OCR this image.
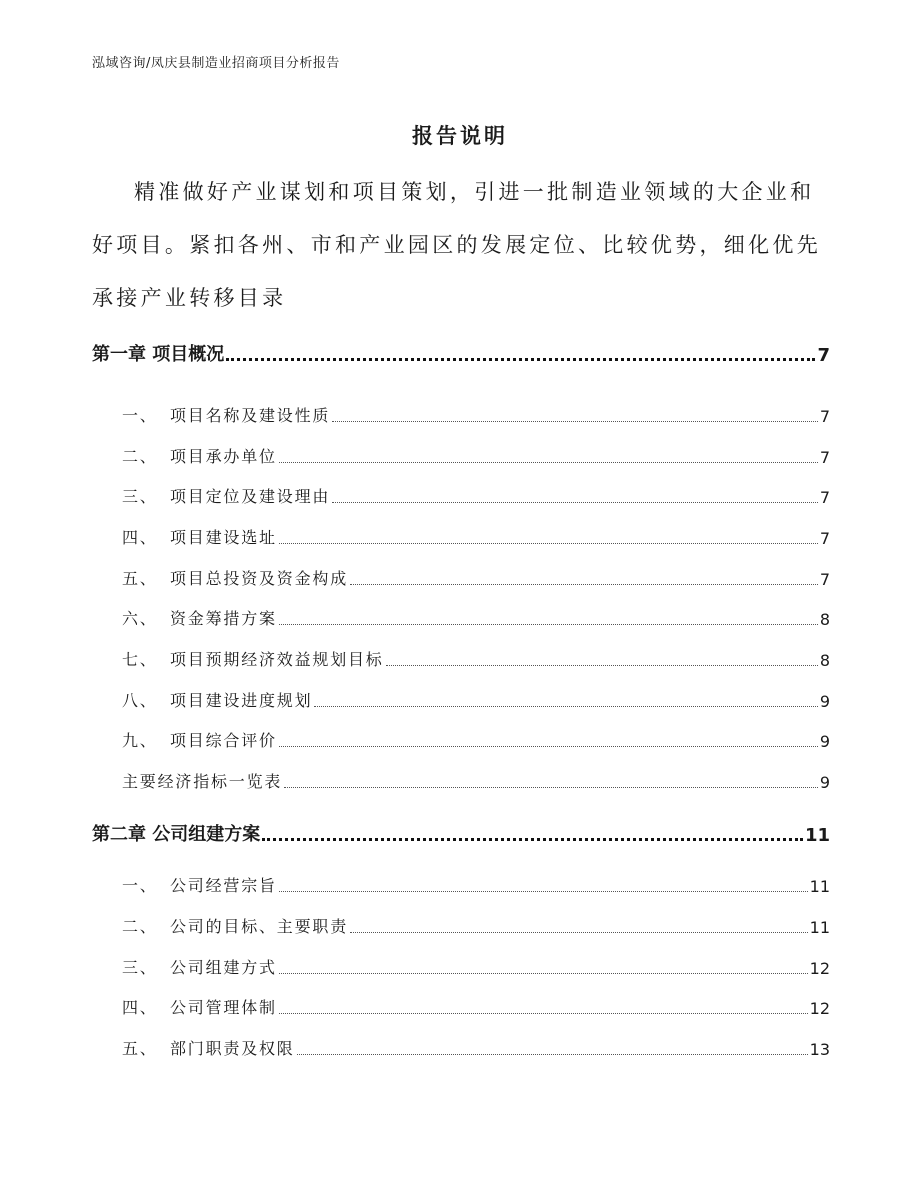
泓域咨询/凤庆县制造业招商项目分析报告
报告说明

精准做好产业谋划和项目策划，引进一批制造业领域的大企业和好项目。紧扣各州、市和产业园区的发展定位、比较优势，细化优先承接产业转移目录

第一章 项目概况	7
一、 项目名称及建设性质	7
二、 项目承办单位	7
三、 项目定位及建设理由	7
四、 项目建设选址	7
五、 项目总投资及资金构成	7
六、 资金筹措方案	8
七、 项目预期经济效益规划目标	8
八、 项目建设进度规划	9
九、 项目综合评价	9
主要经济指标一览表	9
第二章 公司组建方案	11
一、 公司经营宗旨	11
二、 公司的目标、主要职责	11
三、 公司组建方式	12
四、 公司管理体制	12
五、 部门职责及权限	13
